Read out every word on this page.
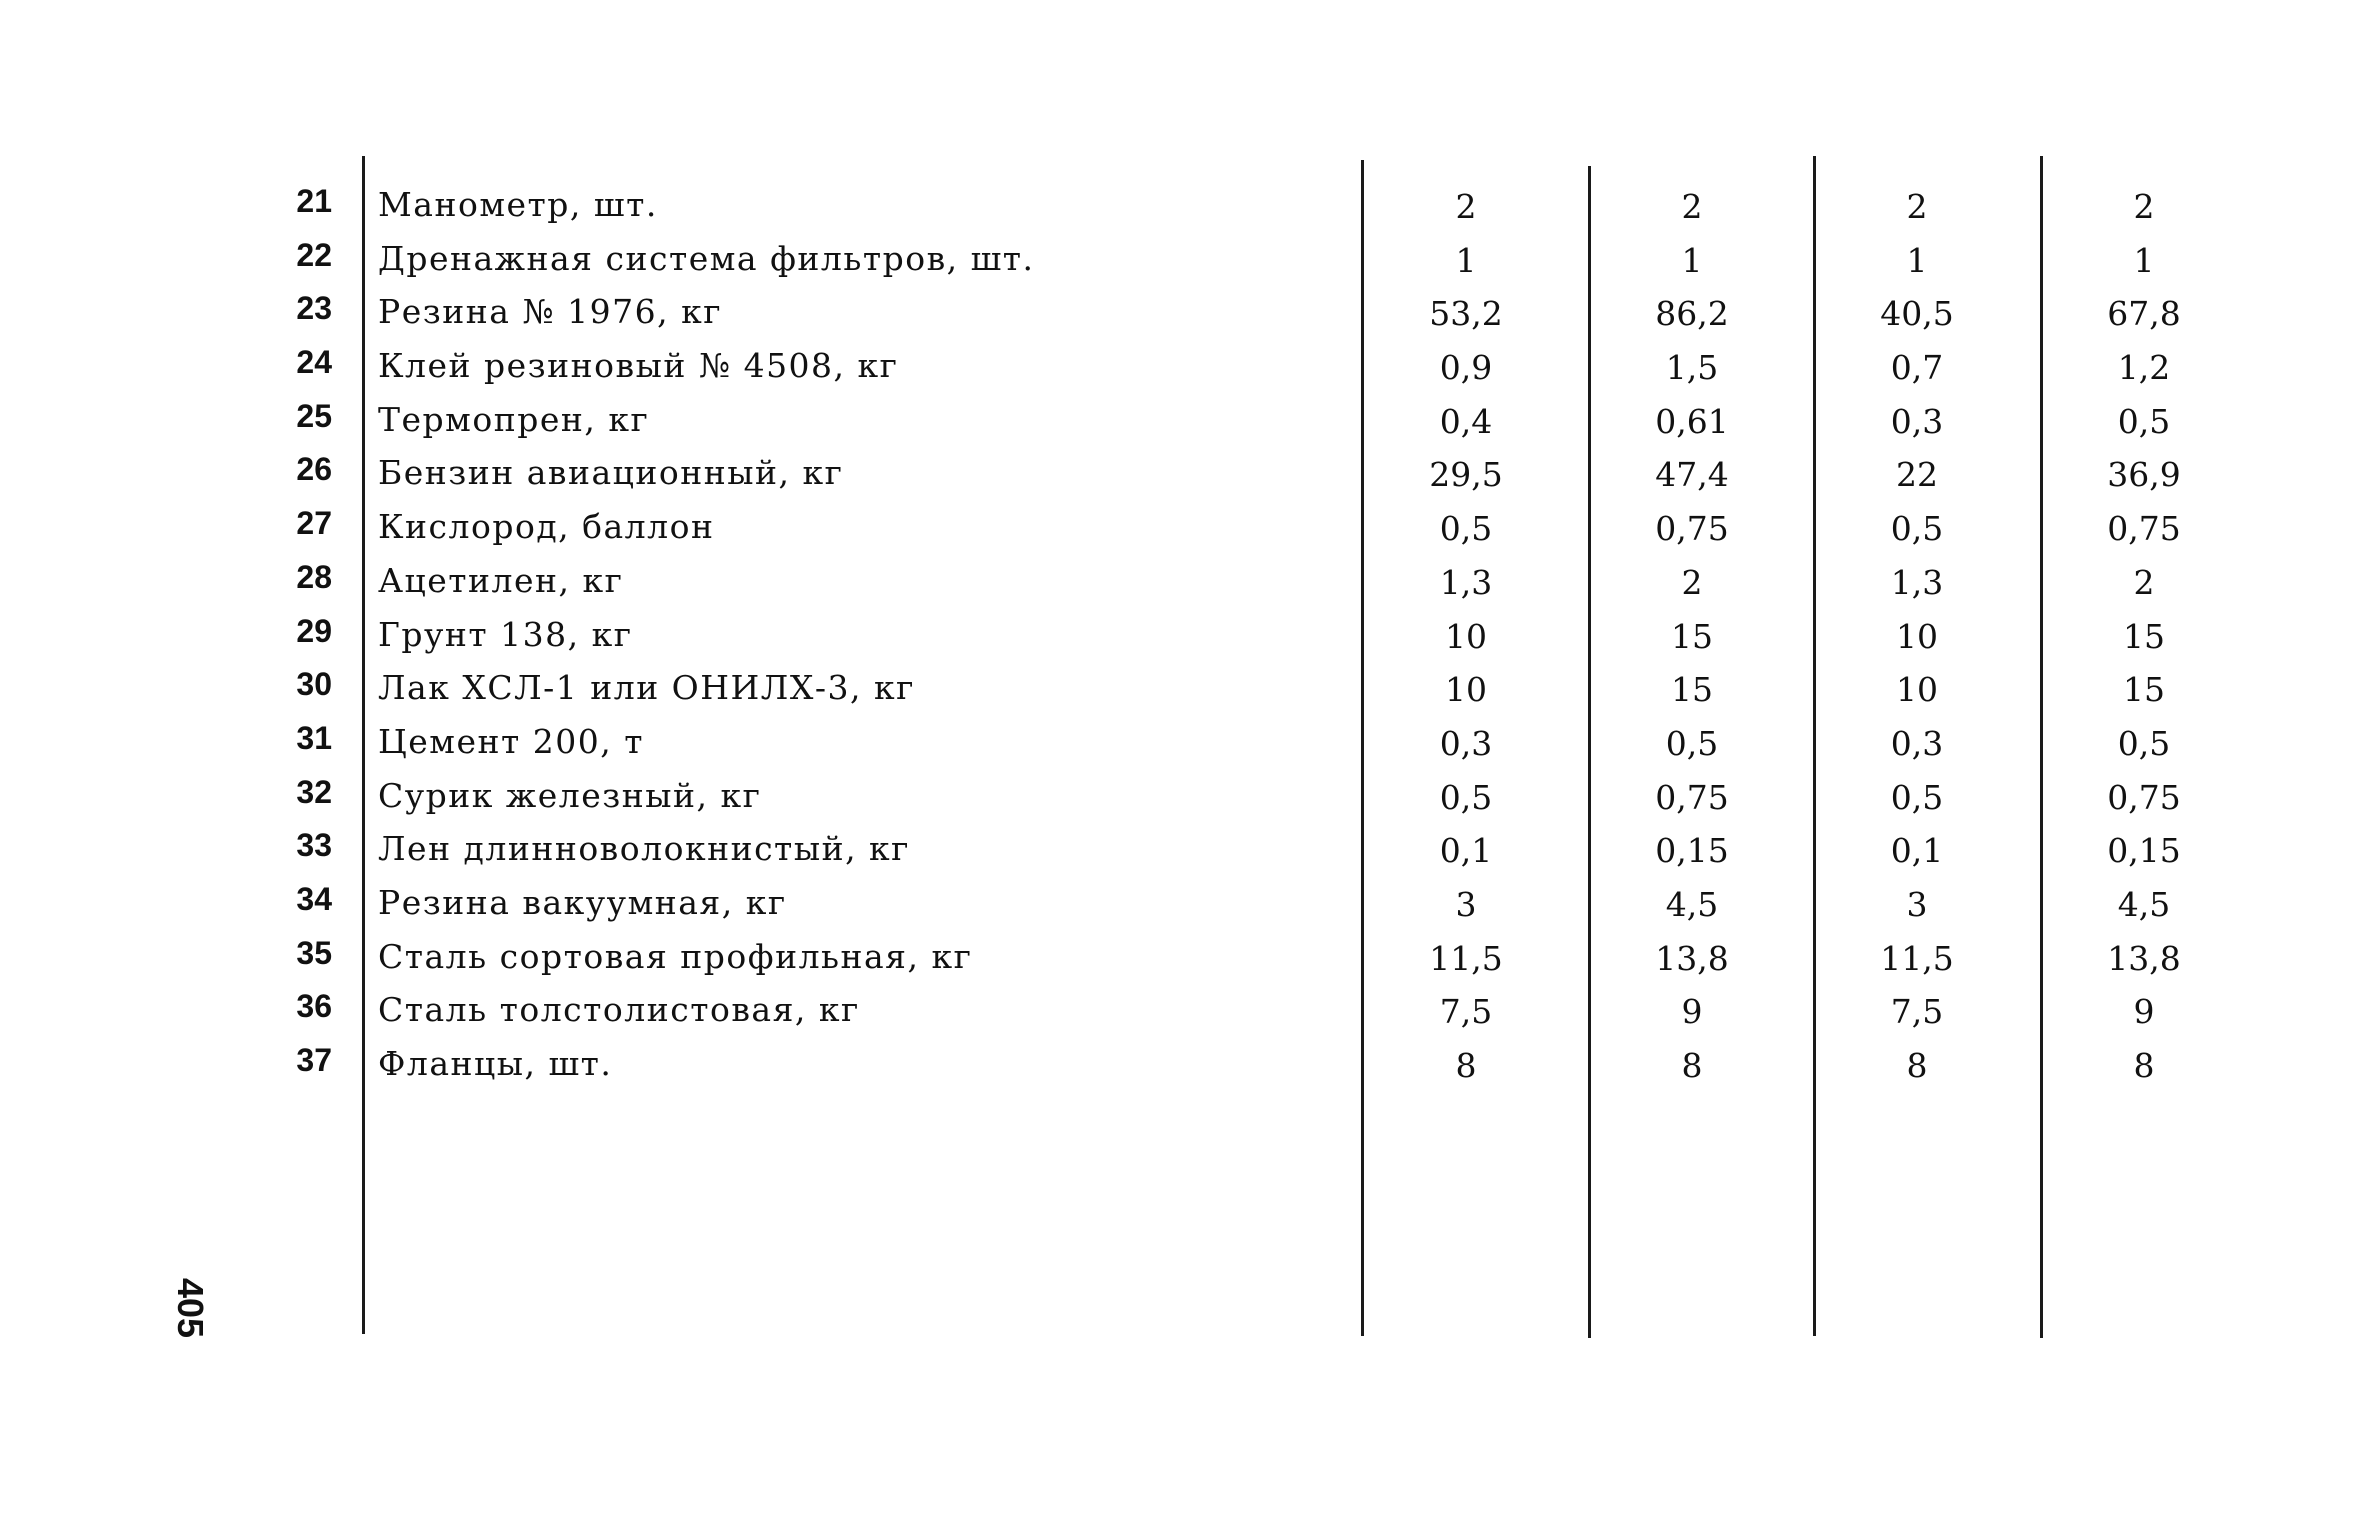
21 Манометр, шт.	2	2	2	2
22 Дренажная система фильтров, шт.	1	1	1	1
23 Резина № 1976, кг	53,2	86,2	40,5	67,8
24 Клей резиновый № 4508, кг	0,9	1,5	0,7	1,2
25 Термопрен, кг	0,4	0,61	0,3	0,5
26 Бензин авиационный, кг	29,5	47,4	22	36,9
27 Кислород, баллон	0,5	0,75	0,5	0,75
28 Ацетилен, кг	1,3	2	1,3	2
29 Грунт 138, кг	10	15	10	15
30 Лак ХСЛ-1 или ОНИЛХ-3, кг	10	15	10	15
31 Цемент 200, т	0,3	0,5	0,3	0,5
32 Сурик железный, кг	0,5	0,75	0,5	0,75
33 Лен длинноволокнистый, кг	0,1	0,15	0,1	0,15
34 Резина вакуумная, кг	3	4,5	3	4,5
35 Сталь сортовая профильная, кг	11,5	13,8	11,5	13,8
36 Сталь толстолистовая, кг	7,5	9	7,5	9
37 Фланцы, шт.	8	8	8	8
405
